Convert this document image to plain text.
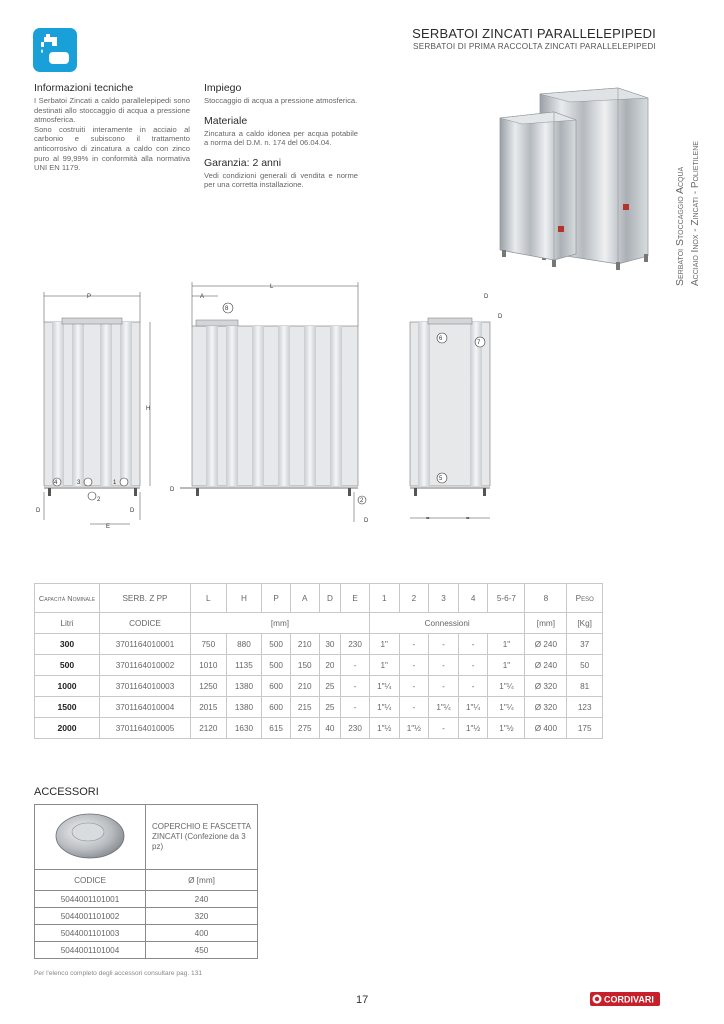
SERBATOI ZINCATI PARALLELEPIPEDI
SERBATOI DI PRIMA RACCOLTA ZINCATI PARALLELEPIPEDI
Serbatoi Stoccaggio Acqua Acciaio Inox - Zincati - Polietilene

Informazioni tecniche

I Serbatoi Zincati a caldo parallelepipedi sono destinati allo stoccaggio di acqua a pressione atmosferica.

Sono costruiti interamente in acciaio al carbonio e subiscono il trattamento anticorrosivo di zincatura a caldo con zinco puro al 99,99% in conformità alla normativa UNI EN 1179.

Impiego

Stoccaggio di acqua a pressione atmosferica.

Materiale

Zincatura a caldo idonea per acqua potabile a norma del D.M. n. 174 del 06.04.04.

Garanzia: 2 anni

Vedi condizioni generali di vendita e norme per una corretta installazione.

P
H
4	3	1
2
D	D
E
L
A
8
D
2
D
D
D
6
7
5
=	=
Capacità Nominale	SERB. Z PP	L	H	P	A	D	E	1	2	3	4	5-6-7	8	Peso
Litri	CODICE	[mm]						Connessioni					[mm]	[Kg]
300	3701164010001	750	880	500	210	30	230	1"	-	-	-	1"	Ø 240	37
500	3701164010002	1010	1135	500	150	20	-	1"	-	-	-	1"	Ø 240	50
1000	3701164010003	1250	1380	600	210	25	-	1"¼	-	-	-	1"¼	Ø 320	81
1500	3701164010004	2015	1380	600	215	25	-	1"¼	-	1"¼	1"¼	1"¼	Ø 320	123
2000	3701164010005	2120	1630	615	275	40	230	1"½	1"½	-	1"½	1"½	Ø 400	175
ACCESSORI
	COPERCHIO E FASCETTA ZINCATI (Confezione da 3 pz)
CODICE	Ø [mm]
5044001101001	240
5044001101002	320
5044001101003	400
5044001101004	450
Per l'elenco completo degli accessori consultare pag. 131
17	CORDIVARI
